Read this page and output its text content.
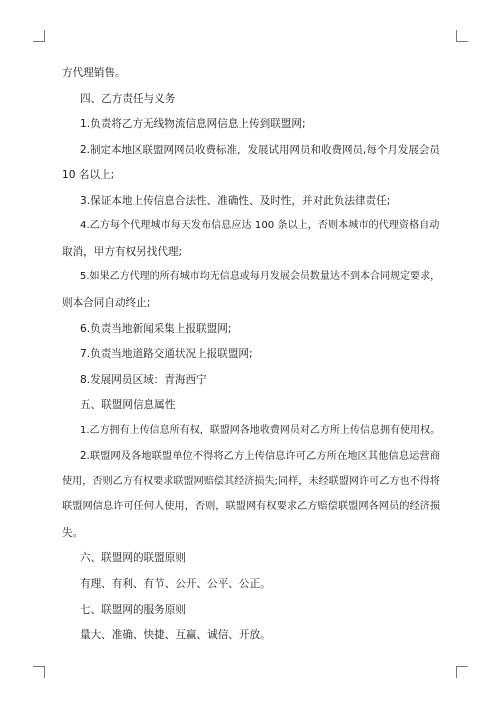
方代理销售。
四、乙方责任与义务
1.负责将乙方无线物流信息网信息上传到联盟网;
2.制定本地区联盟网网员收费标准，发展试用网员和收费网员,每个月发展会员
10 名以上;
3.保证本地上传信息合法性、准确性、及时性，并对此负法律责任;
4.乙方每个代理城市每天发布信息应达 100 条以上，否则本城市的代理资格自动
取消，甲方有权另找代理;
5.如果乙方代理的所有城市均无信息或每月发展会员数量达不到本合同规定要求，
则本合同自动终止;
6.负责当地新闻采集上报联盟网;
7.负责当地道路交通状况上报联盟网;
8.发展网员区域：青海西宁
五、联盟网信息属性
1.乙方拥有上传信息所有权，联盟网各地收费网员对乙方所上传信息拥有使用权。
2.联盟网及各地联盟单位不得将乙方上传信息许可乙方所在地区其他信息运营商
使用，否则乙方有权要求联盟网赔偿其经济损失;同样，未经联盟网许可乙方也不得将
联盟网信息许可任何人使用，否则，联盟网有权要求乙方赔偿联盟网各网员的经济损
失。
六、联盟网的联盟原则
有理、有利、有节、公开、公平、公正。
七、联盟网的服务原则
量大、准确、快捷、互赢、诚信、开放。
